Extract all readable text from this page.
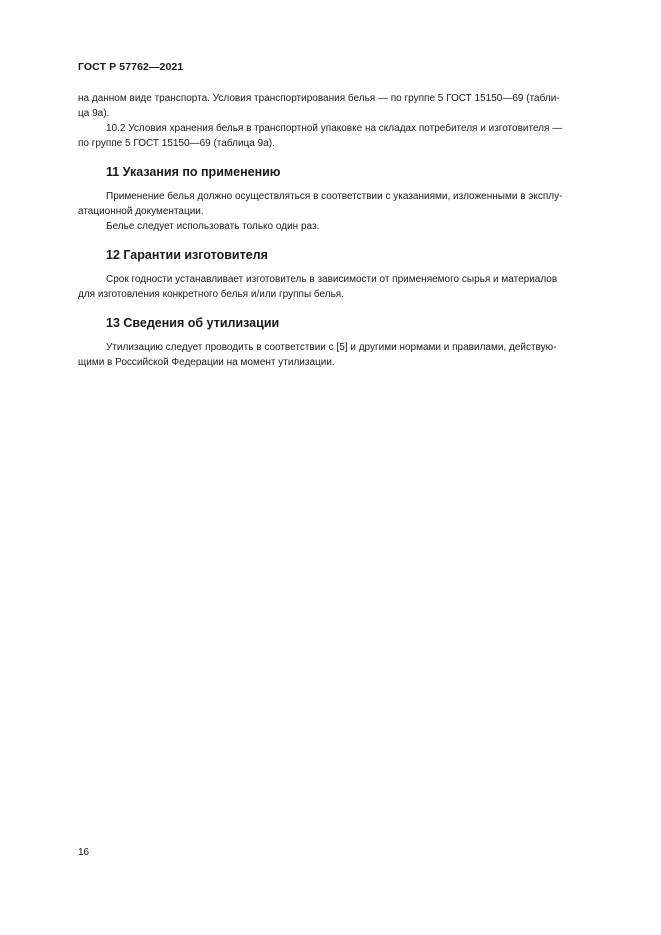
ГОСТ Р 57762—2021

на данном виде транспорта. Условия транспортирования белья — по группе 5 ГОСТ 15150—69 (табли-
ца 9а).

10.2 Условия хранения белья в транспортной упаковке на складах потребителя и изготовителя —
по группе 5 ГОСТ 15150—69 (таблица 9а).

11 Указания по применению

Применение белья должно осуществляться в соответствии с указаниями, изложенными в эксплу-
атационной документации.

Белье следует использовать только один раз.

12 Гарантии изготовителя

Срок годности устанавливает изготовитель в зависимости от применяемого сырья и материалов
для изготовления конкретного белья и/или группы белья.

13 Сведения об утилизации

Утилизацию следует проводить в соответствии с [5] и другими нормами и правилами, действую-
щими в Российской Федерации на момент утилизации.

16
